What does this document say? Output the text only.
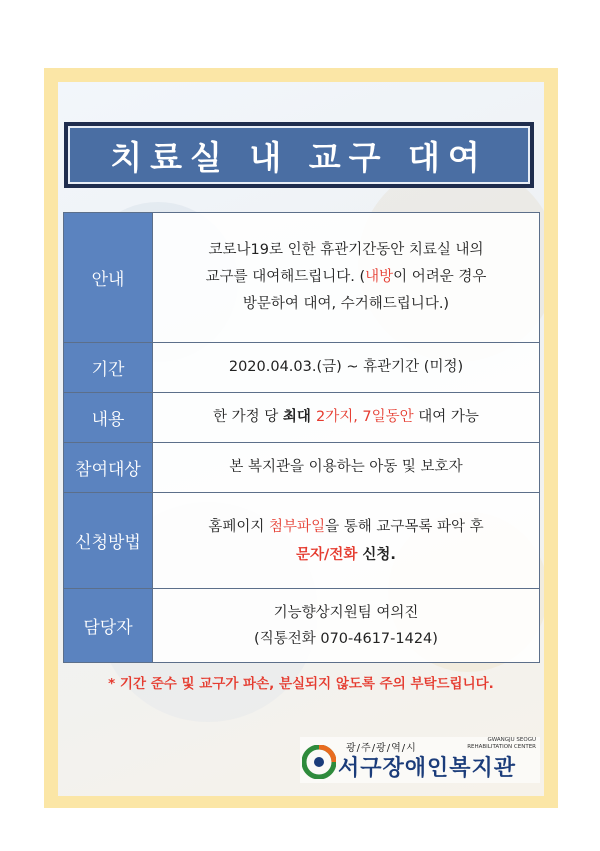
치료실 내 교구 대여
안내	코로나19로 인한 휴관기간동안 치료실 내의
교구를 대여해드립니다. (내방이 어려운 경우
방문하여 대여, 수거해드립니다.)
기간	2020.04.03.(금) ~ 휴관기간 (미정)
내용	한 가정 당 최대 2가지, 7일동안 대여 가능
참여대상	본 복지관을 이용하는 아동 및 보호자
신청방법	홈페이지 첨부파일을 통해 교구목록 파악 후
문자/전화 신청.
담당자	기능향상지원팀 여의진
(직통전화 070-4617-1424)
* 기간 준수 및 교구가 파손, 분실되지 않도록 주의 부탁드립니다.
광/주/광/역/시
GWANGJU SEOGU
REHABILITATION CENTER
서구장애인복지관
